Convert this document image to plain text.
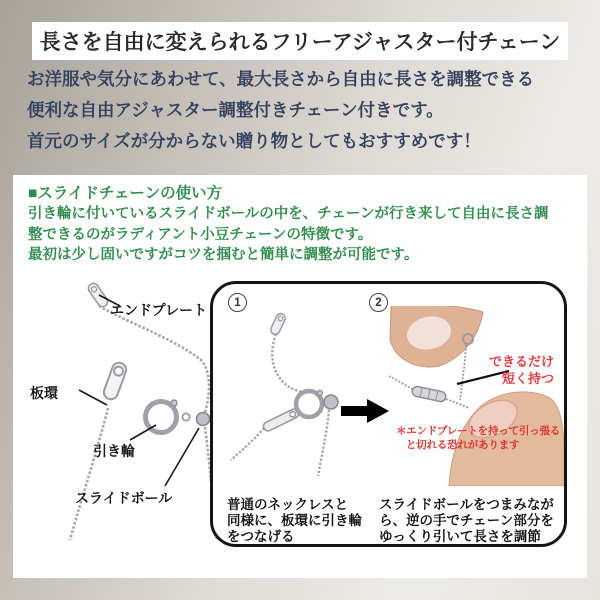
長さを自由に変えられるフリーアジャスター付チェーン
お洋服や気分にあわせて、最大長さから自由に長さを調整できる
便利な自由アジャスター調整付きチェーン付きです。
首元のサイズが分からない贈り物としてもおすすめです！
■スライドチェーンの使い方
引き輪に付いているスライドボールの中を、チェーンが行き来して自由に長さ調
整できるのがラディアント小豆チェーンの特徴です。
最初は少し固いですがコツを掴むと簡単に調整が可能です。
エンドプレート
板環
引き輪
スライドボール
1	2
できるだけ
短く持つ
＊エンドプレートを持って引っ張る
と切れる恐れがあります
普通のネックレスと
同様に、板環に引き輪
をつなげる
スライドボールをつまみなが
ら、逆の手でチェーン部分を
ゆっくり引いて長さを調節
